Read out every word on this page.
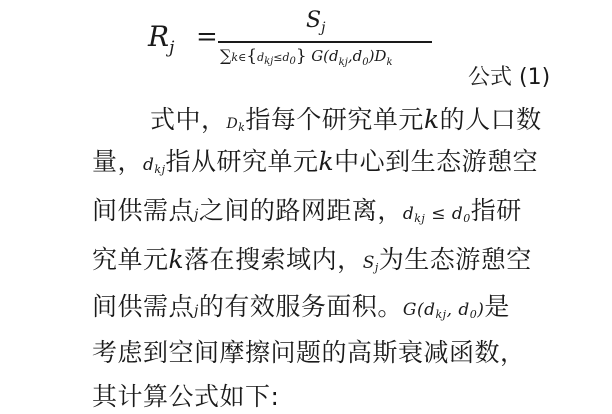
$R_j$ =
$S_j$
$\sum k\in\{d_{kj}\le d_0\}$ $G(d_{kj},d_0)D_k$
公式 (1)
式中，Dk指每个研究单元k的人口数
量，dkj指从研究单元k中心到生态游憩空
间供需点j之间的路网距离，dkj ≤ d0指研
究单元k落在搜索域内，Sj为生态游憩空
间供需点j的有效服务面积。G(dkj, d0)是
考虑到空间摩擦问题的高斯衰减函数，
其计算公式如下:
